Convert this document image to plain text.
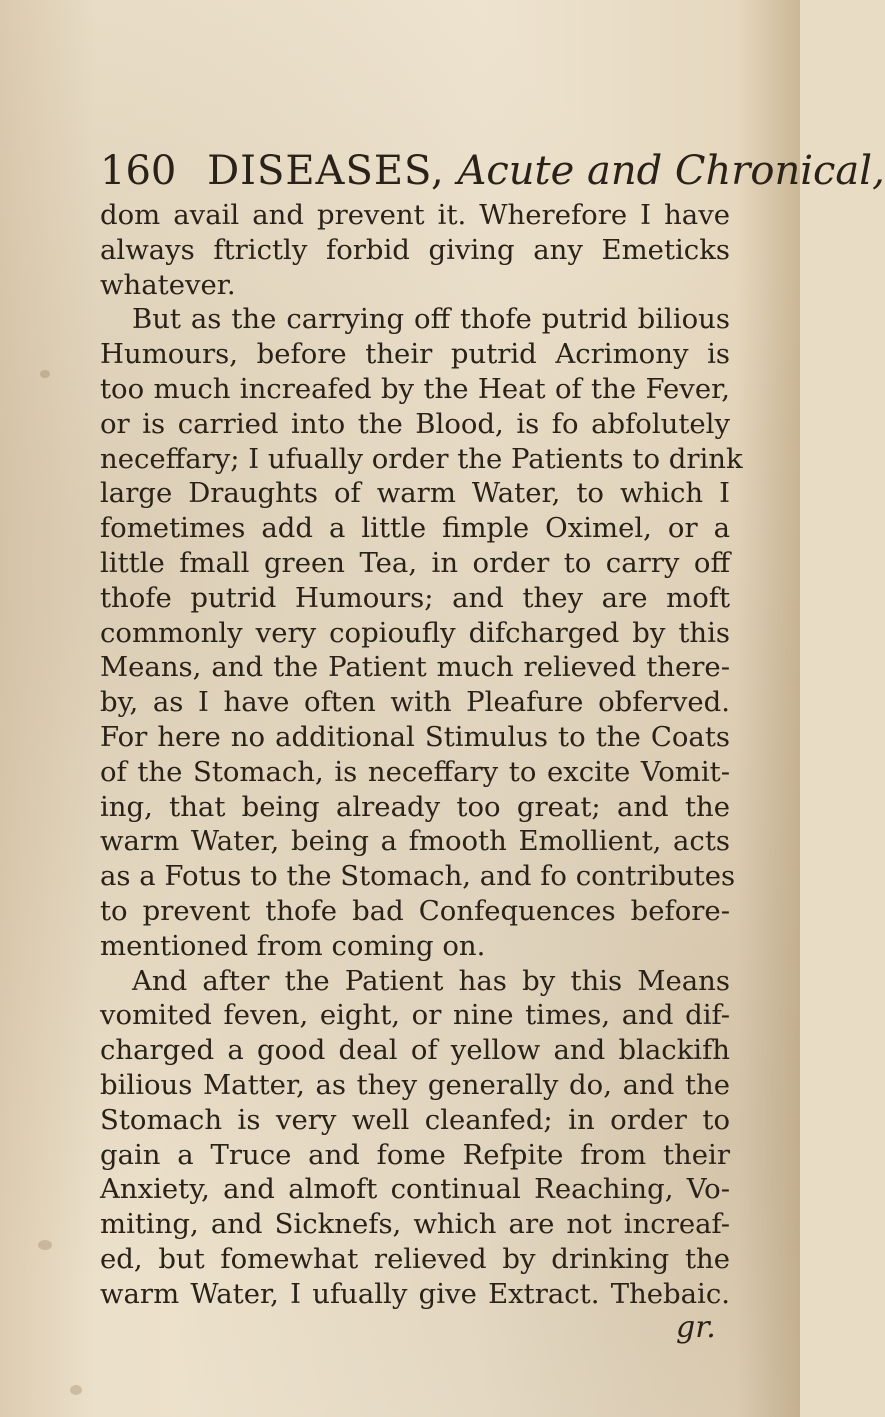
160 DISEASES, Acute and Chronical,
dom avail and prevent it. Wherefore I have
always ftrictly forbid giving any Emeticks
whatever.
But as the carrying off thofe putrid bilious
Humours, before their putrid Acrimony is
too much increafed by the Heat of the Fever,
or is carried into the Blood, is fo abfolutely
neceffary; I ufually order the Patients to drink
large Draughts of warm Water, to which I
fometimes add a little fimple Oximel, or a
little fmall green Tea, in order to carry off
thofe putrid Humours; and they are moft
commonly very copioufly difcharged by this
Means, and the Patient much relieved there-
by, as I have often with Pleafure obferved.
For here no additional Stimulus to the Coats
of the Stomach, is neceffary to excite Vomit-
ing, that being already too great; and the
warm Water, being a fmooth Emollient, acts
as a Fotus to the Stomach, and fo contributes
to prevent thofe bad Confequences before-
mentioned from coming on.
And after the Patient has by this Means
vomited feven, eight, or nine times, and dif-
charged a good deal of yellow and blackifh
bilious Matter, as they generally do, and the
Stomach is very well cleanfed; in order to
gain a Truce and fome Refpite from their
Anxiety, and almoft continual Reaching, Vo-
miting, and Sicknefs, which are not increaf-
ed, but fomewhat relieved by drinking the
warm Water, I ufually give Extract. Thebaic.
gr.
